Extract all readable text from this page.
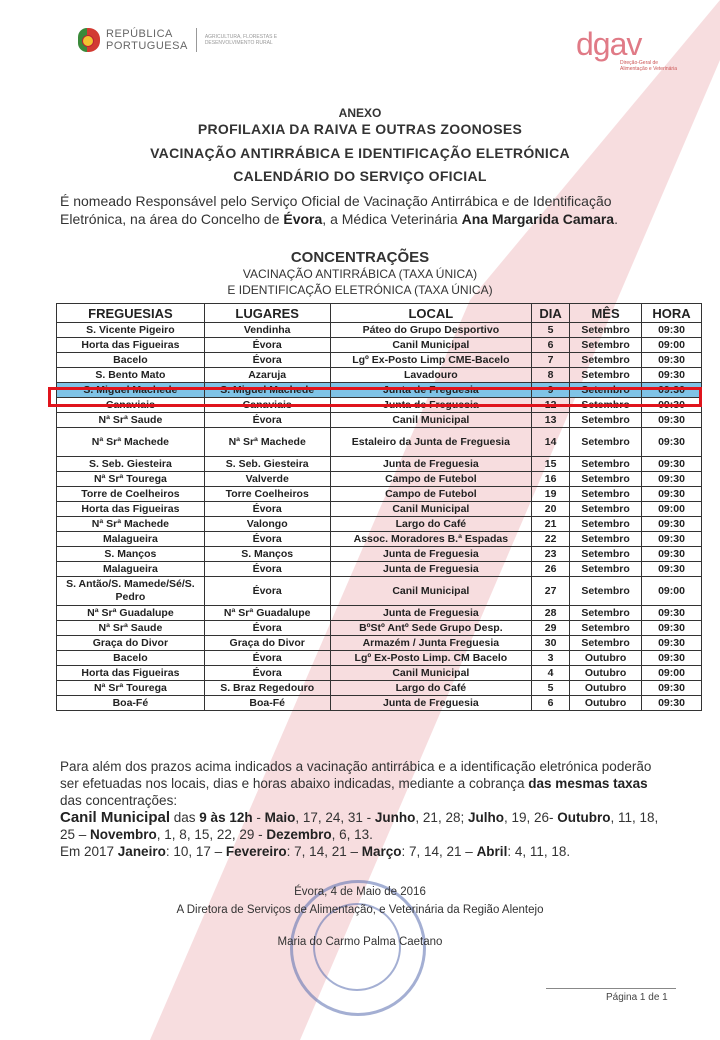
REPÚBLICA
PORTUGUESA
AGRICULTURA, FLORESTAS E DESENVOLVIMENTO RURAL	dgav
Direção-Geral de Alimentação e Veterinária
ANEXO
PROFILAXIA DA RAIVA E OUTRAS ZOONOSES
VACINAÇÃO ANTIRRÁBICA E IDENTIFICAÇÃO ELETRÓNICA
CALENDÁRIO DO SERVIÇO OFICIAL
É nomeado Responsável pelo Serviço Oficial de Vacinação Antirrábica e de Identificação Eletrónica, na área do Concelho de Évora, a Médica Veterinária Ana Margarida Camara.
CONCENTRAÇÕES
VACINAÇÃO ANTIRRÁBICA (TAXA ÚNICA)
E IDENTIFICAÇÃO ELETRÓNICA (TAXA ÚNICA)
FREGUESIAS	LUGARES	LOCAL	DIA	MÊS	HORA
S. Vicente Pigeiro	Vendinha	Páteo do Grupo Desportivo	5	Setembro	09:30
Horta das Figueiras	Évora	Canil Municipal	6	Setembro	09:00
Bacelo	Évora	Lgº Ex-Posto Limp CME-Bacelo	7	Setembro	09:30
S. Bento Mato	Azaruja	Lavadouro	8	Setembro	09:30
S. Miguel Machede	S. Miguel Machede	Junta de Freguesia	9	Setembro	09:30
Canaviais	Canaviais	Junta de Freguesia	12	Setembro	09:30
Nª Srª Saude	Évora	Canil Municipal	13	Setembro	09:30
Nª Srª Machede	Nª Srª Machede	Estaleiro da Junta de Freguesia	14	Setembro	09:30
S. Seb. Giesteira	S. Seb. Giesteira	Junta de Freguesia	15	Setembro	09:30
Nª Srª Tourega	Valverde	Campo de Futebol	16	Setembro	09:30
Torre de Coelheiros	Torre Coelheiros	Campo de Futebol	19	Setembro	09:30
Horta das Figueiras	Évora	Canil Municipal	20	Setembro	09:00
Nª Srª Machede	Valongo	Largo do Café	21	Setembro	09:30
Malagueira	Évora	Assoc. Moradores B.ª Espadas	22	Setembro	09:30
S. Manços	S. Manços	Junta de Freguesia	23	Setembro	09:30
Malagueira	Évora	Junta de Freguesia	26	Setembro	09:30
S. Antão/S. Mamede/Sé/S. Pedro	Évora	Canil Municipal	27	Setembro	09:00
Nª Srª Guadalupe	Nª Srª Guadalupe	Junta de Freguesia	28	Setembro	09:30
Nª Srª Saude	Évora	BºStº Antº Sede Grupo Desp.	29	Setembro	09:30
Graça do Divor	Graça do Divor	Armazém / Junta Freguesia	30	Setembro	09:30
Bacelo	Évora	Lgº Ex-Posto Limp. CM Bacelo	3	Outubro	09:30
Horta das Figueiras	Évora	Canil Municipal	4	Outubro	09:00
Nª Srª Tourega	S. Braz Regedouro	Largo do Café	5	Outubro	09:30
Boa-Fé	Boa-Fé	Junta de Freguesia	6	Outubro	09:30
Para além dos prazos acima indicados a vacinação antirrábica e a identificação eletrónica poderão ser efetuadas nos locais, dias e horas abaixo indicadas, mediante a cobrança das mesmas taxas das concentrações:
Canil Municipal das 9 às 12h - Maio, 17, 24, 31 - Junho, 21, 28; Julho, 19, 26- Outubro, 11, 18, 25 – Novembro, 1, 8, 15, 22, 29 - Dezembro, 6, 13.
Em 2017 Janeiro: 10, 17 – Fevereiro: 7, 14, 21 – Março: 7, 14, 21 – Abril: 4, 11, 18.
Évora, 4 de Maio de 2016
A Diretora de Serviços de Alimentação, e Veterinária da Região Alentejo
Maria do Carmo Palma Caetano
Página 1 de 1
